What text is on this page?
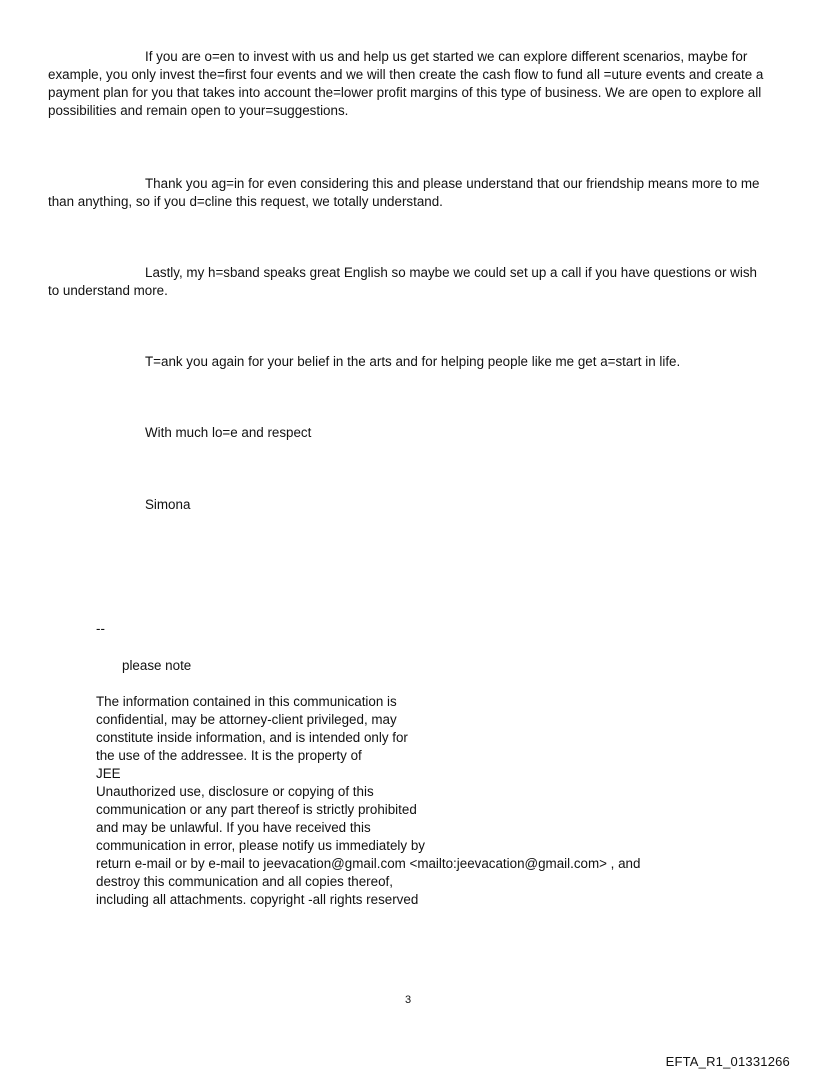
If you are o=en to invest with us and help us get started we can explore different scenarios, maybe for example, you only invest the=first four events and we will then create the cash flow to fund all =uture events and create a payment plan for you that takes into account the=lower profit margins of this type of business. We are open to explore all possibilities and remain open to your=suggestions.

Thank you ag=in for even considering this and please understand that our friendship means more to me than anything, so if you d=cline this request, we totally understand.

Lastly, my h=sband speaks great English so maybe we could set up a call if you have questions or wish to understand more.

T=ank you again for your belief in the arts and for helping people like me get a=start in life.

With much lo=e and respect

Simona

--
please note
The information contained in this communication is
confidential, may be attorney-client privileged, may
constitute inside information, and is intended only for
the use of the addressee. It is the property of
JEE
Unauthorized use, disclosure or copying of this
communication or any part thereof is strictly prohibited
and may be unlawful. If you have received this
communication in error, please notify us immediately by
return e-mail or by e-mail to jeevacation@gmail.com <mailto:jeevacation@gmail.com> , and
destroy this communication and all copies thereof,
including all attachments. copyright -all rights reserved
3
EFTA_R1_01331266
